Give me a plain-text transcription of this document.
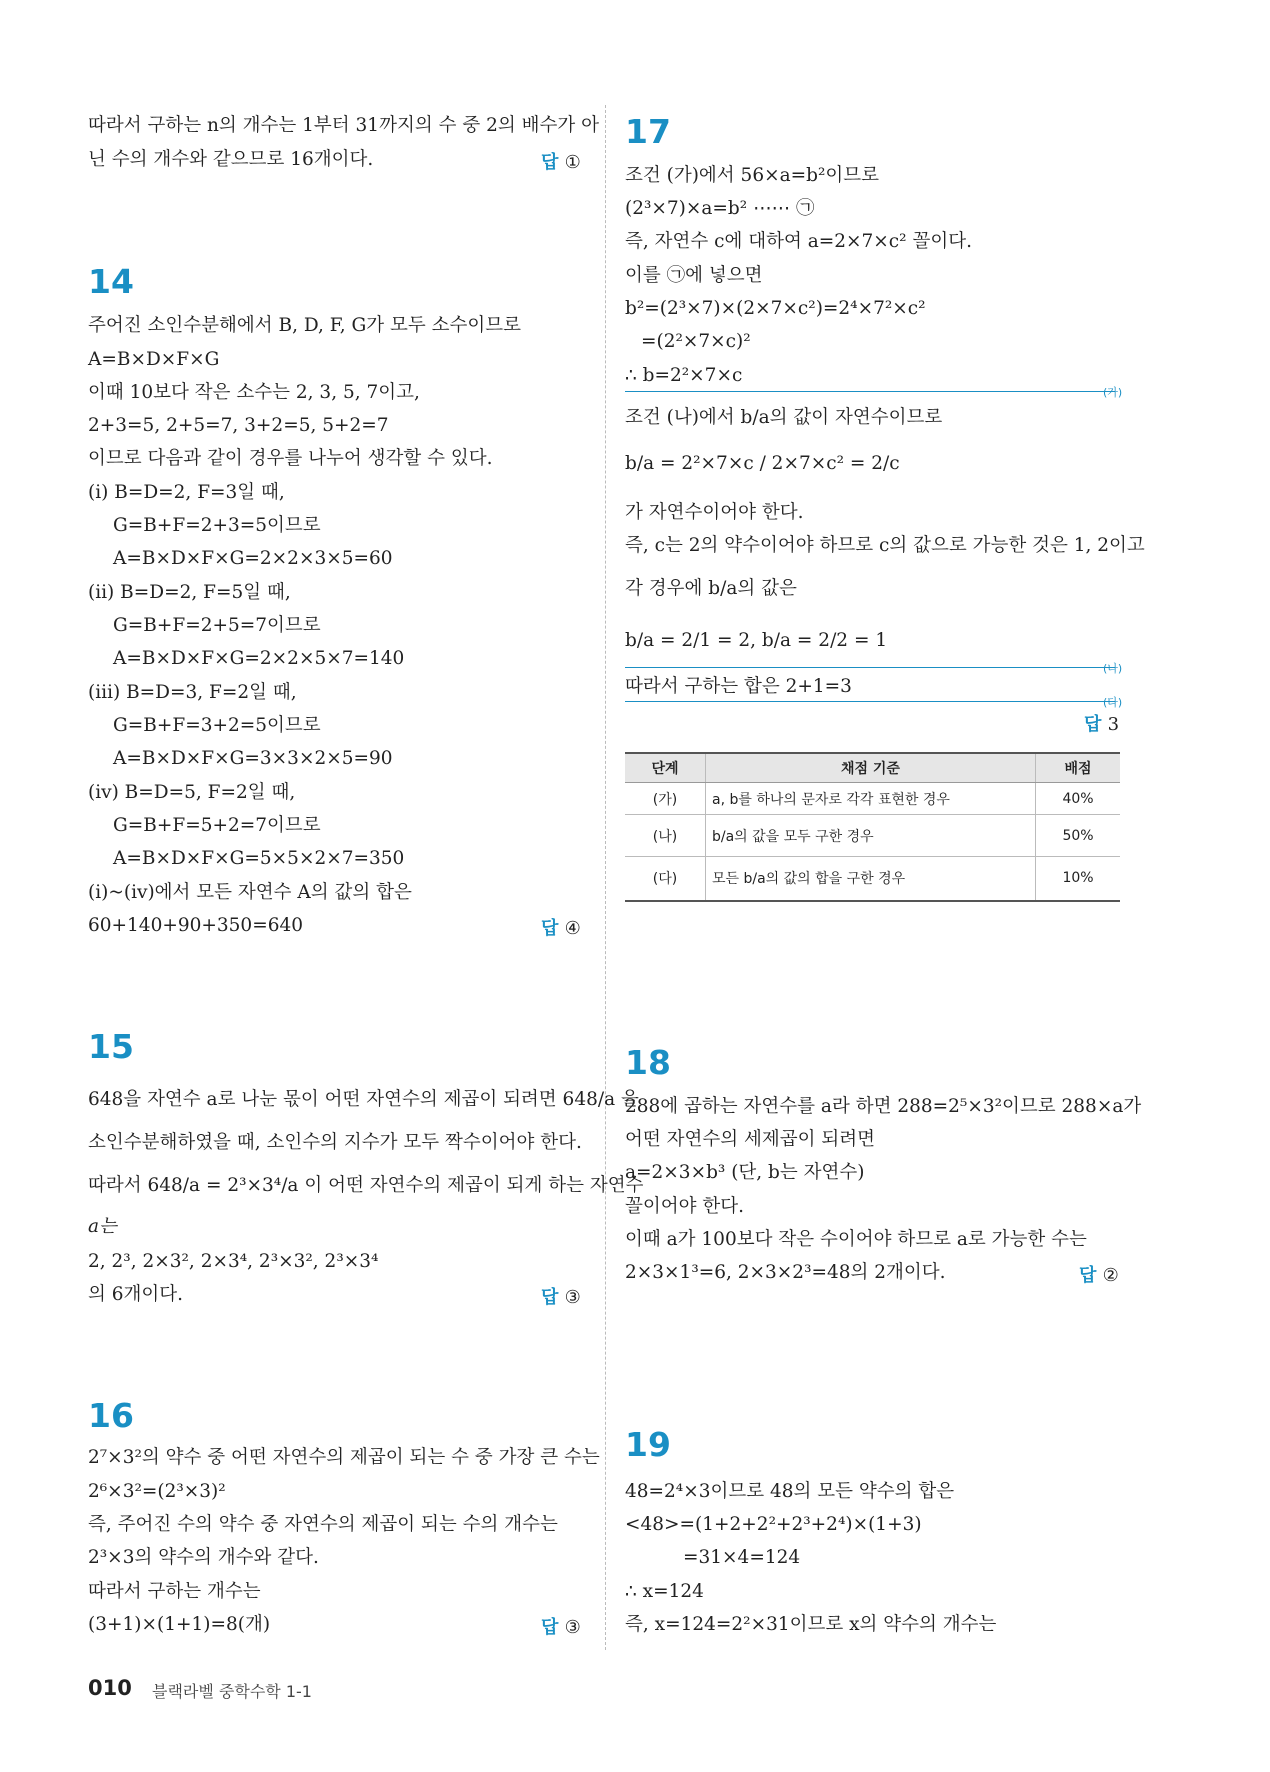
따라서 구하는 n의 개수는 1부터 31까지의 수 중 2의 배수가 아
닌 수의 개수와 같으므로 16개이다.	답 ①
14
주어진 소인수분해에서 B, D, F, G가 모두 소수이므로
A=B×D×F×G
이때 10보다 작은 소수는 2, 3, 5, 7이고,
2+3=5, 2+5=7, 3+2=5, 5+2=7
이므로 다음과 같이 경우를 나누어 생각할 수 있다.
(ⅰ) B=D=2, F=3일 때,
G=B+F=2+3=5이므로
A=B×D×F×G=2×2×3×5=60
(ⅱ) B=D=2, F=5일 때,
G=B+F=2+5=7이므로
A=B×D×F×G=2×2×5×7=140
(ⅲ) B=D=3, F=2일 때,
G=B+F=3+2=5이므로
A=B×D×F×G=3×3×2×5=90
(ⅳ) B=D=5, F=2일 때,
G=B+F=5+2=7이므로
A=B×D×F×G=5×5×2×7=350
(ⅰ)~(ⅳ)에서 모든 자연수 A의 값의 합은
60+140+90+350=640	답 ④
15
648을 자연수 a로 나눈 몫이 어떤 자연수의 제곱이 되려면 648/a 을
소인수분해하였을 때, 소인수의 지수가 모두 짝수이어야 한다.
따라서 648/a = 2³×3⁴/a 이 어떤 자연수의 제곱이 되게 하는 자연수
a는
2, 2³, 2×3², 2×3⁴, 2³×3², 2³×3⁴
의 6개이다.	답 ③
16
2⁷×3²의 약수 중 어떤 자연수의 제곱이 되는 수 중 가장 큰 수는
2⁶×3²=(2³×3)²
즉, 주어진 수의 약수 중 자연수의 제곱이 되는 수의 개수는
2³×3의 약수의 개수와 같다.
따라서 구하는 개수는
(3+1)×(1+1)=8(개)	답 ③
17
조건 (가)에서 56×a=b²이므로
(2³×7)×a=b² ⋯⋯ ㉠
즉, 자연수 c에 대하여 a=2×7×c² 꼴이다.
이를 ㉠에 넣으면
b²=(2³×7)×(2×7×c²)=2⁴×7²×c²
=(2²×7×c)²
∴ b=2²×7×c
(가)
조건 (나)에서 b/a의 값이 자연수이므로
b/a = 2²×7×c / 2×7×c² = 2/c
가 자연수이어야 한다.
즉, c는 2의 약수이어야 하므로 c의 값으로 가능한 것은 1, 2이고
각 경우에 b/a의 값은
b/a = 2/1 = 2, b/a = 2/2 = 1
(나)
따라서 구하는 합은 2+1=3
(다)
답 3
단계	채점 기준	배점
(가)	a, b를 하나의 문자로 각각 표현한 경우	40%
(나)	b/a의 값을 모두 구한 경우	50%
(다)	모든 b/a의 값의 합을 구한 경우	10%
18
288에 곱하는 자연수를 a라 하면 288=2⁵×3²이므로 288×a가
어떤 자연수의 세제곱이 되려면
a=2×3×b³ (단, b는 자연수)
꼴이어야 한다.
이때 a가 100보다 작은 수이어야 하므로 a로 가능한 수는
2×3×1³=6, 2×3×2³=48의 2개이다.	답 ②
19
48=2⁴×3이므로 48의 모든 약수의 합은
<48>=(1+2+2²+2³+2⁴)×(1+3)
=31×4=124
∴ x=124
즉, x=124=2²×31이므로 x의 약수의 개수는
010 블랙라벨 중학수학 1-1
